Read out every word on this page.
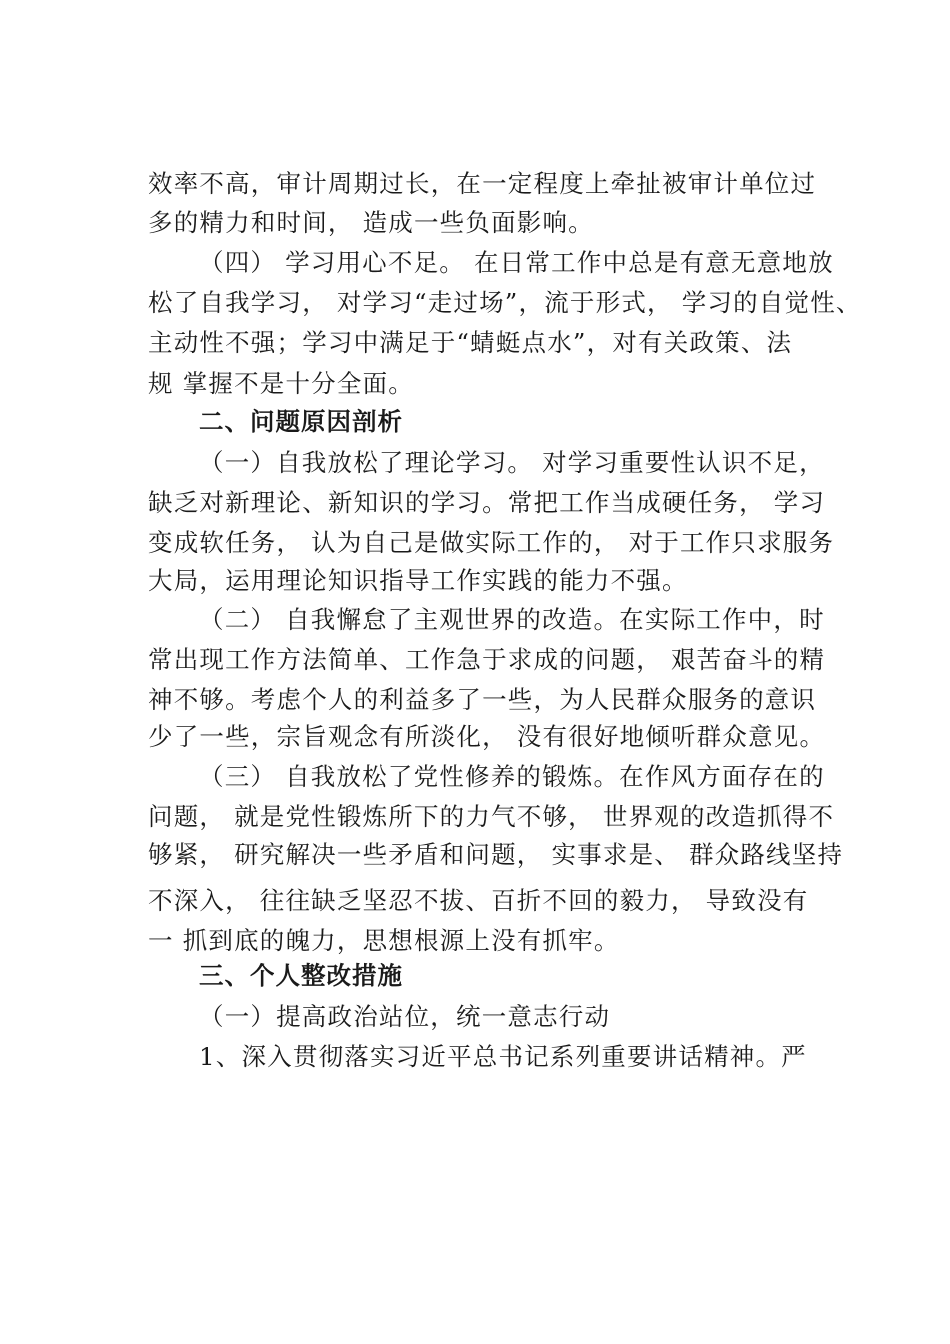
效率不高，审计周期过长，在一定程度上牵扯被审计单位过
多的精力和时间， 造成一些负面影响。
（四） 学习用心不足。 在日常工作中总是有意无意地放
松了自我学习， 对学习“走过场”，流于形式， 学习的自觉性、
主动性不强；学习中满足于“蜻蜓点水”，对有关政策、法
规 掌握不是十分全面。
二、问题原因剖析
（一）自我放松了理论学习。 对学习重要性认识不足，
缺乏对新理论、新知识的学习。常把工作当成硬任务， 学习
变成软任务， 认为自己是做实际工作的， 对于工作只求服务
大局，运用理论知识指导工作实践的能力不强。
（二） 自我懈怠了主观世界的改造。在实际工作中，时
常出现工作方法简单、工作急于求成的问题， 艰苦奋斗的精
神不够。考虑个人的利益多了一些，为人民群众服务的意识
少了一些，宗旨观念有所淡化， 没有很好地倾听群众意见。
（三） 自我放松了党性修养的锻炼。在作风方面存在的
问题， 就是党性锻炼所下的力气不够， 世界观的改造抓得不
够紧， 研究解决一些矛盾和问题， 实事求是、 群众路线坚持
不深入， 往往缺乏坚忍不拔、百折不回的毅力， 导致没有
一 抓到底的魄力，思想根源上没有抓牢。
三、个人整改措施
（一）提高政治站位，统一意志行动
1、深入贯彻落实习近平总书记系列重要讲话精神。严
